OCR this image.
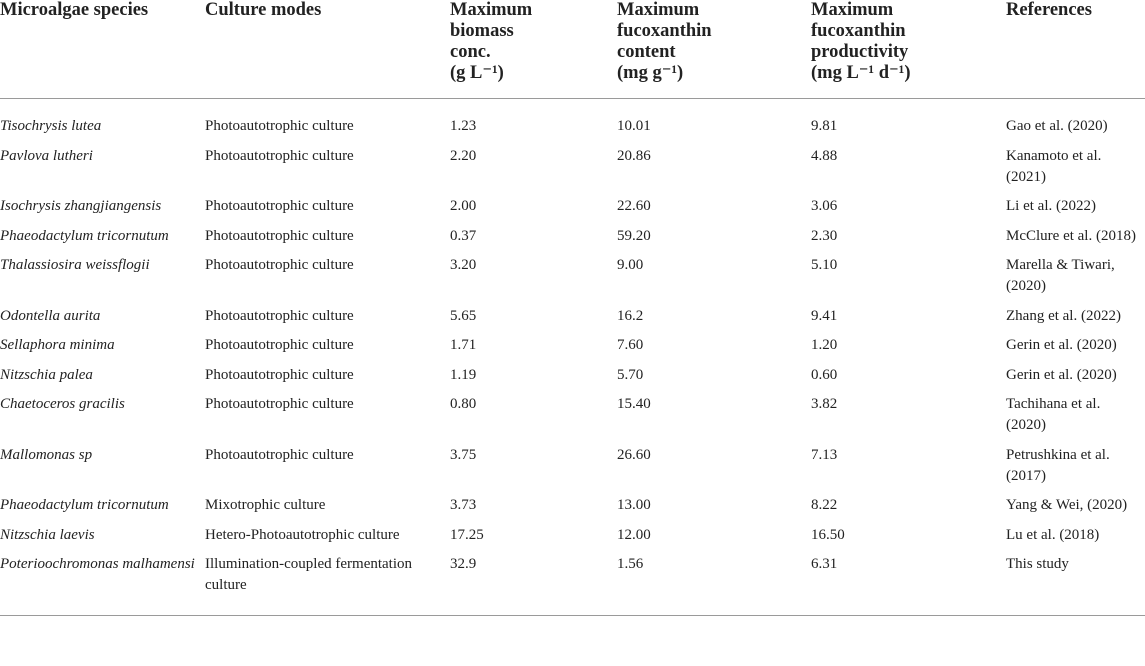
Microalgae species	Culture modes	Maximum
biomass
conc.
(g L⁻¹)	Maximum
fucoxanthin
content
(mg g⁻¹)	Maximum
fucoxanthin
productivity
(mg L⁻¹ d⁻¹)	References

Tisochrysis lutea	Photoautotrophic culture	1.23	10.01	9.81	Gao et al. (2020)
Pavlova lutheri	Photoautotrophic culture	2.20	20.86	4.88	Kanamoto et al. (2021)
Isochrysis zhangjiangensis	Photoautotrophic culture	2.00	22.60	3.06	Li et al. (2022)
Phaeodactylum tricornutum	Photoautotrophic culture	0.37	59.20	2.30	McClure et al. (2018)
Thalassiosira weissflogii	Photoautotrophic culture	3.20	9.00	5.10	Marella & Tiwari, (2020)
Odontella aurita	Photoautotrophic culture	5.65	16.2	9.41	Zhang et al. (2022)
Sellaphora minima	Photoautotrophic culture	1.71	7.60	1.20	Gerin et al. (2020)
Nitzschia palea	Photoautotrophic culture	1.19	5.70	0.60	Gerin et al. (2020)
Chaetoceros gracilis	Photoautotrophic culture	0.80	15.40	3.82	Tachihana et al. (2020)
Mallomonas sp	Photoautotrophic culture	3.75	26.60	7.13	Petrushkina et al. (2017)
Phaeodactylum tricornutum	Mixotrophic culture	3.73	13.00	8.22	Yang & Wei, (2020)
Nitzschia laevis	Hetero-Photoautotrophic culture	17.25	12.00	16.50	Lu et al. (2018)
Poterioochromonas malhamensi	Illumination-coupled fermentation culture	32.9	1.56	6.31	This study
